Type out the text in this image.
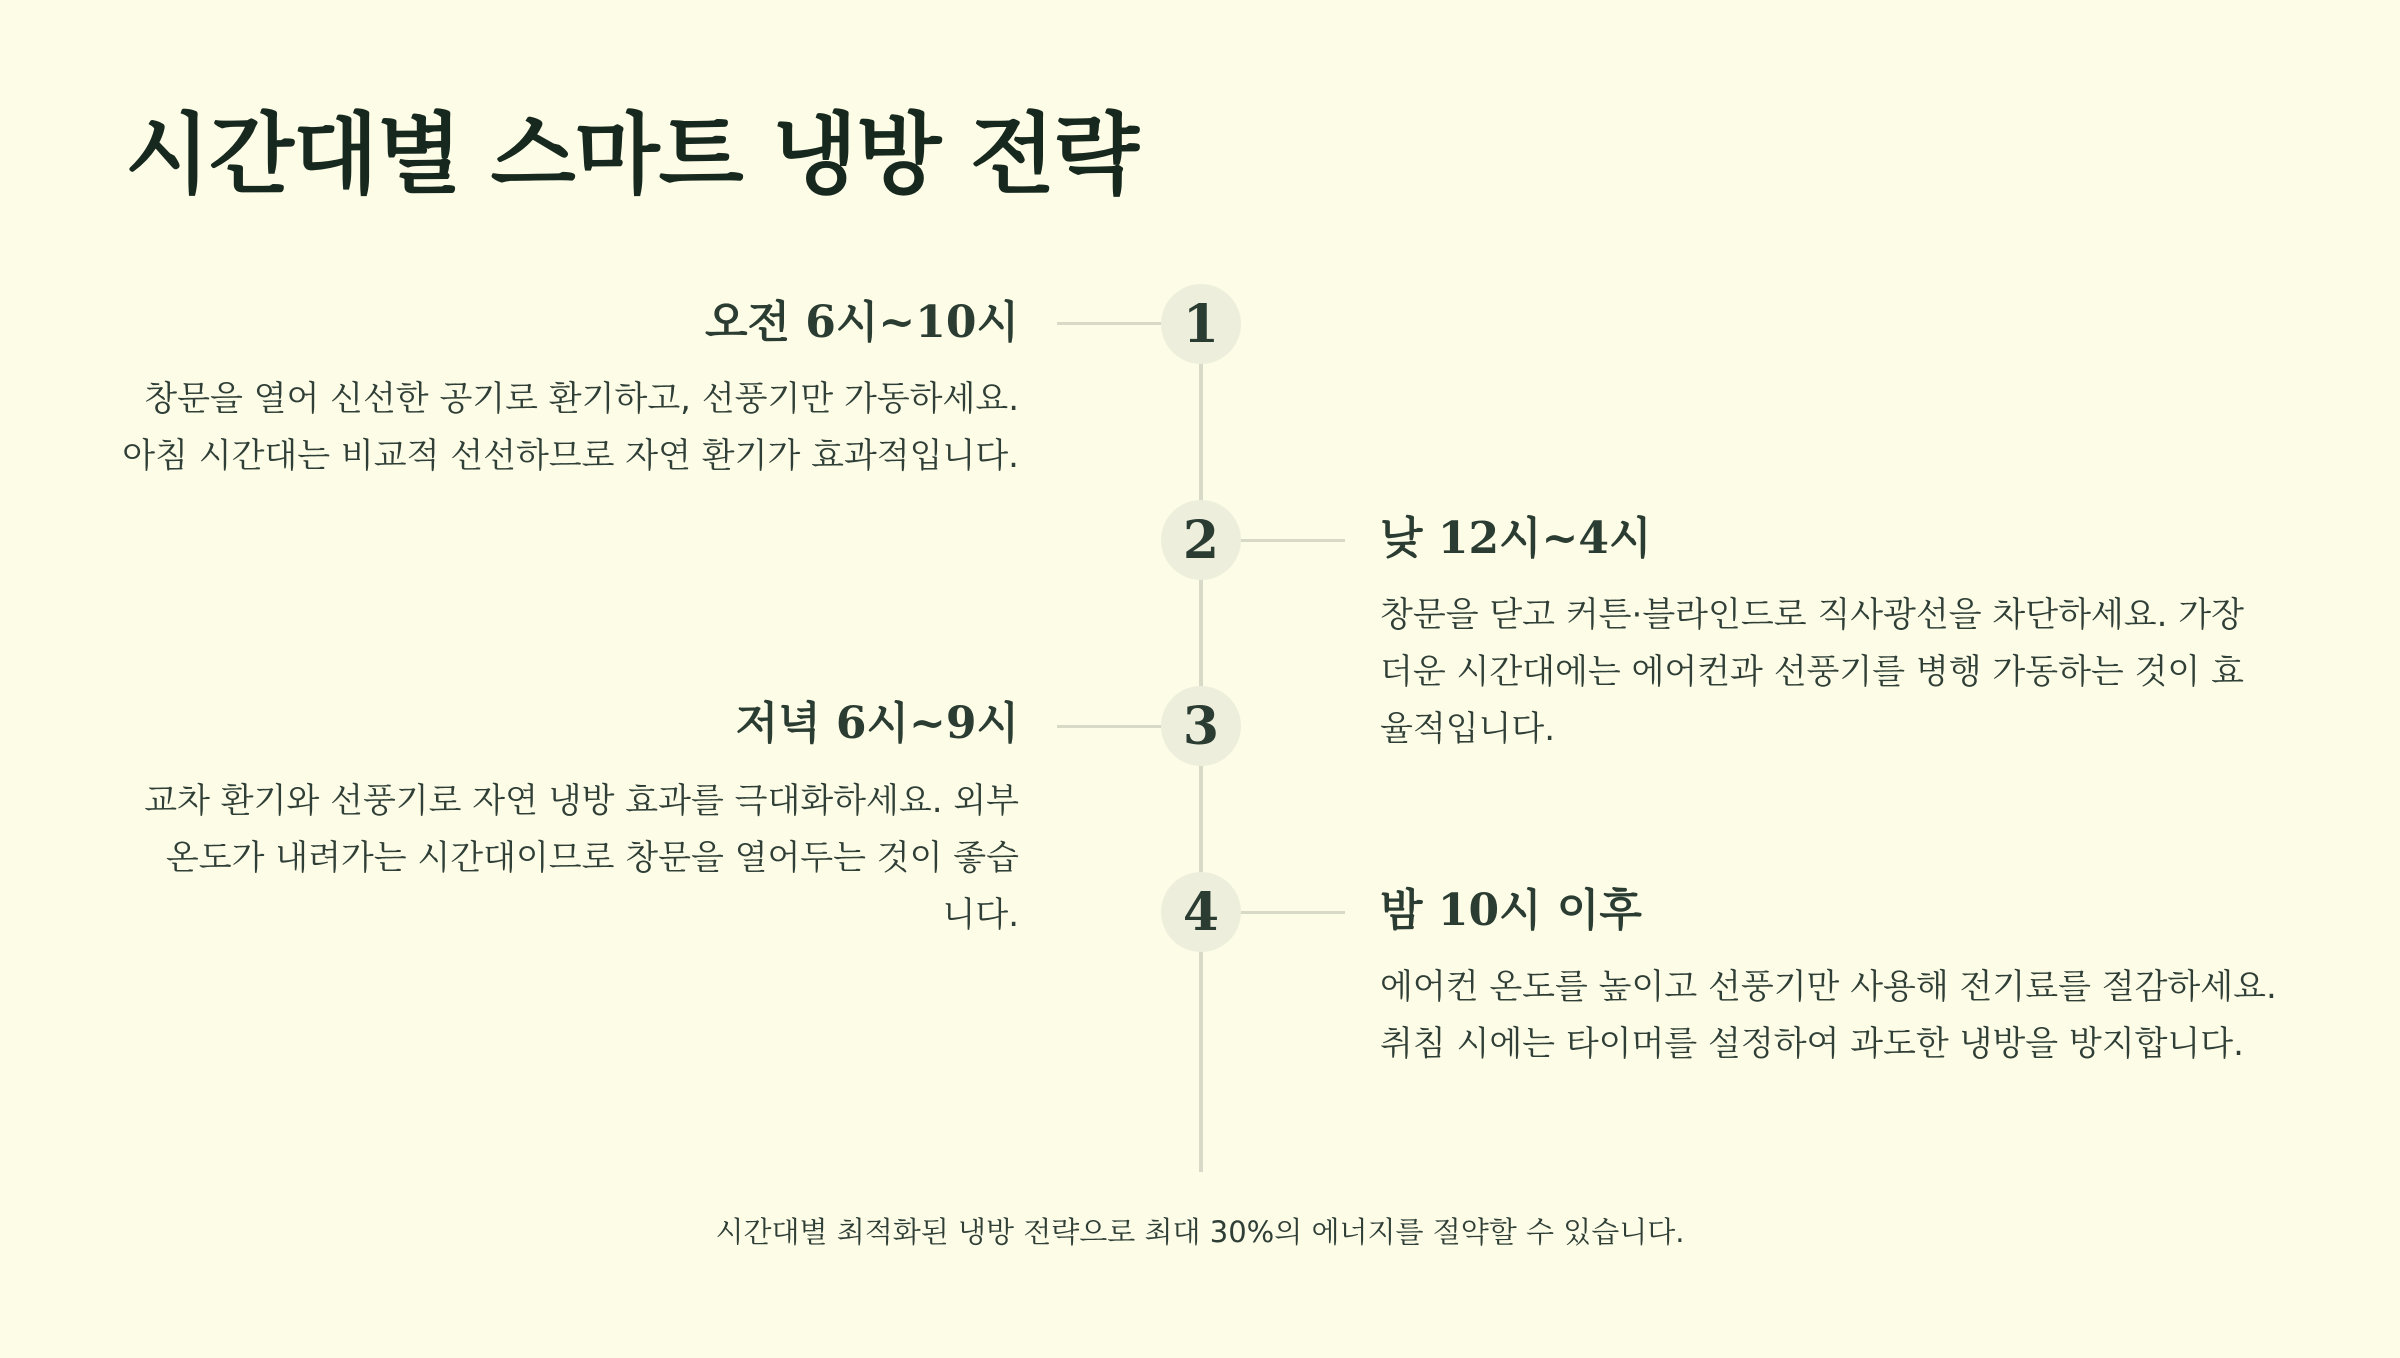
시간대별 스마트 냉방 전략
1
오전 6시~10시

창문을 열어 신선한 공기로 환기하고, 선풍기만 가동하세요. 아침 시간대는 비교적 선선하므로 자연 환기가 효과적입니다.

2	낮 12시~4시

창문을 닫고 커튼·블라인드로 직사광선을 차단하세요. 가장 더운 시간대에는 에어컨과 선풍기를 병행 가동하는 것이 효율적입니다.

3
저녁 6시~9시

교차 환기와 선풍기로 자연 냉방 효과를 극대화하세요. 외부 온도가 내려가는 시간대이므로 창문을 열어두는 것이 좋습니다.	4	밤 10시 이후

에어컨 온도를 높이고 선풍기만 사용해 전기료를 절감하세요. 취침 시에는 타이머를 설정하여 과도한 냉방을 방지합니다.

시간대별 최적화된 냉방 전략으로 최대 30%의 에너지를 절약할 수 있습니다.
